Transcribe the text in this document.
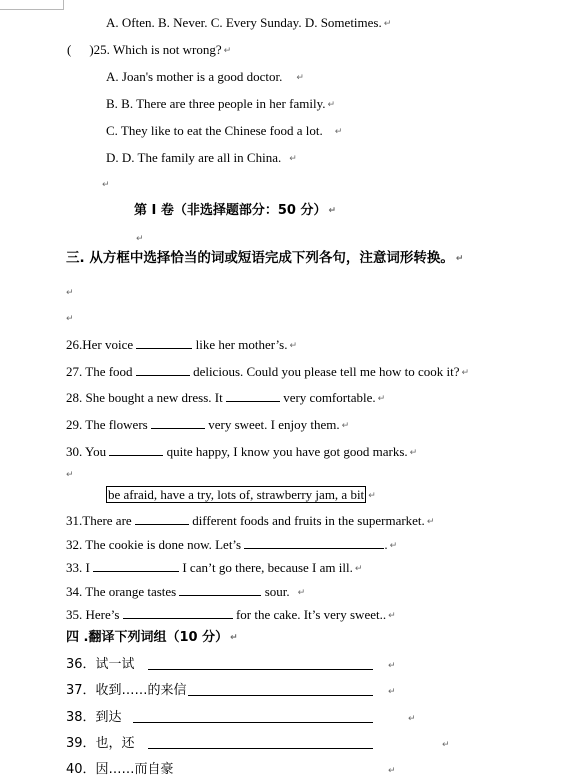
A. Often. B. Never. C. Every Sunday. D. Sometimes. ↵
( )25. Which is not wrong? ↵
A. Joan's mother is a good doctor. ↵
B. B. There are three people in her family. ↵
C. They like to eat the Chinese food a lot. ↵
D. D. The family are all in China. ↵
↵
第 I 卷（非选择题部分：50 分） ↵
↵
三. 从方框中选择恰当的词或短语完成下列各句，注意词形转换。 ↵
↵
↵
26.Her voice	like her mother’s. ↵
27. The food	delicious. Could you please tell me how to cook it? ↵
28. She bought a new dress. It	very comfortable. ↵
29. The flowers	very sweet. I enjoy them. ↵
30. You	quite happy, I know you have got good marks. ↵
↵
be afraid, have a try, lots of, strawberry jam, a bit ↵
31.There are	different foods and fruits in the supermarket. ↵
32. The cookie is done now. Let’s	. ↵
33. I	I can’t go there, because I am ill. ↵
34. The orange tastes	sour. ↵
35. Here’s	for the cake. It’s very sweet.. ↵
四 .翻译下列词组（10 分） ↵
36．试一试	↵
37．收到……的来信	↵
38．到达	↵
39．也，还	↵
40．因……而自豪	↵
